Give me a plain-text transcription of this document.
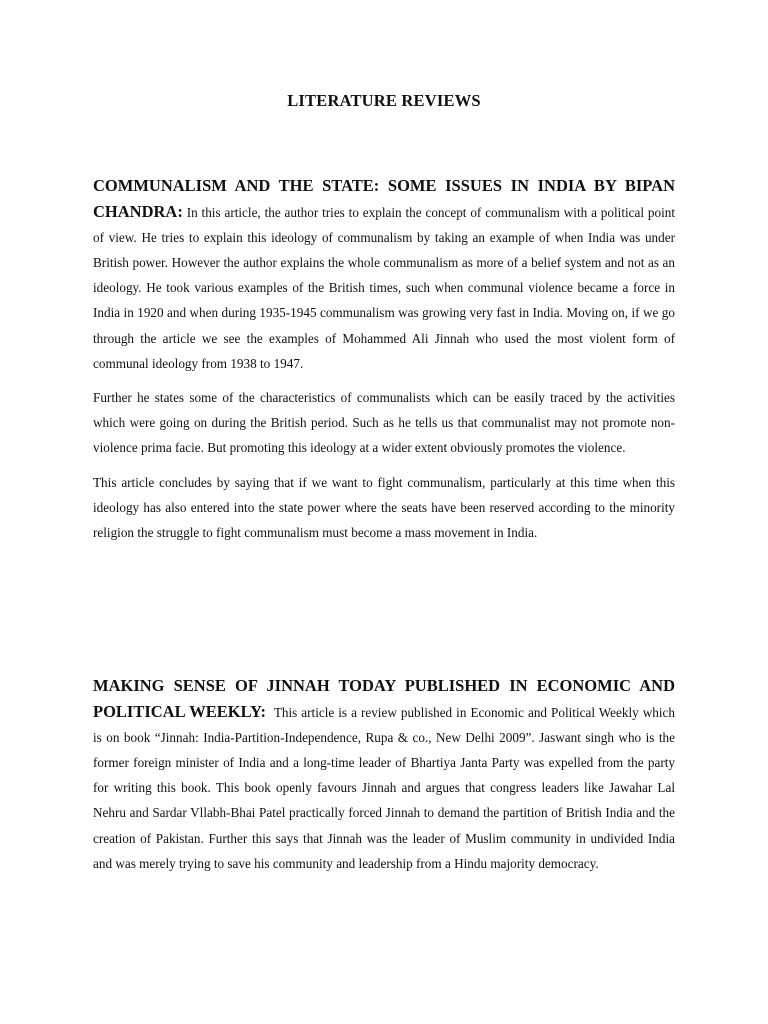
LITERATURE REVIEWS

COMMUNALISM AND THE STATE: SOME ISSUES IN INDIA BY BIPAN CHANDRA: In this article, the author tries to explain the concept of communalism with a political point of view. He tries to explain this ideology of communalism by taking an example of when India was under British power. However the author explains the whole communalism as more of a belief system and not as an ideology. He took various examples of the British times, such when communal violence became a force in India in 1920 and when during 1935-1945 communalism was growing very fast in India. Moving on, if we go through the article we see the examples of Mohammed Ali Jinnah who used the most violent form of communal ideology from 1938 to 1947.

Further he states some of the characteristics of communalists which can be easily traced by the activities which were going on during the British period. Such as he tells us that communalist may not promote non-violence prima facie. But promoting this ideology at a wider extent obviously promotes the violence.

This article concludes by saying that if we want to fight communalism, particularly at this time when this ideology has also entered into the state power where the seats have been reserved according to the minority religion the struggle to fight communalism must become a mass movement in India.

MAKING SENSE OF JINNAH TODAY PUBLISHED IN ECONOMIC AND POLITICAL WEEKLY: This article is a review published in Economic and Political Weekly which is on book “Jinnah: India-Partition-Independence, Rupa & co., New Delhi 2009”. Jaswant singh who is the former foreign minister of India and a long-time leader of Bhartiya Janta Party was expelled from the party for writing this book. This book openly favours Jinnah and argues that congress leaders like Jawahar Lal Nehru and Sardar Vllabh-Bhai Patel practically forced Jinnah to demand the partition of British India and the creation of Pakistan. Further this says that Jinnah was the leader of Muslim community in undivided India and was merely trying to save his community and leadership from a Hindu majority democracy.
